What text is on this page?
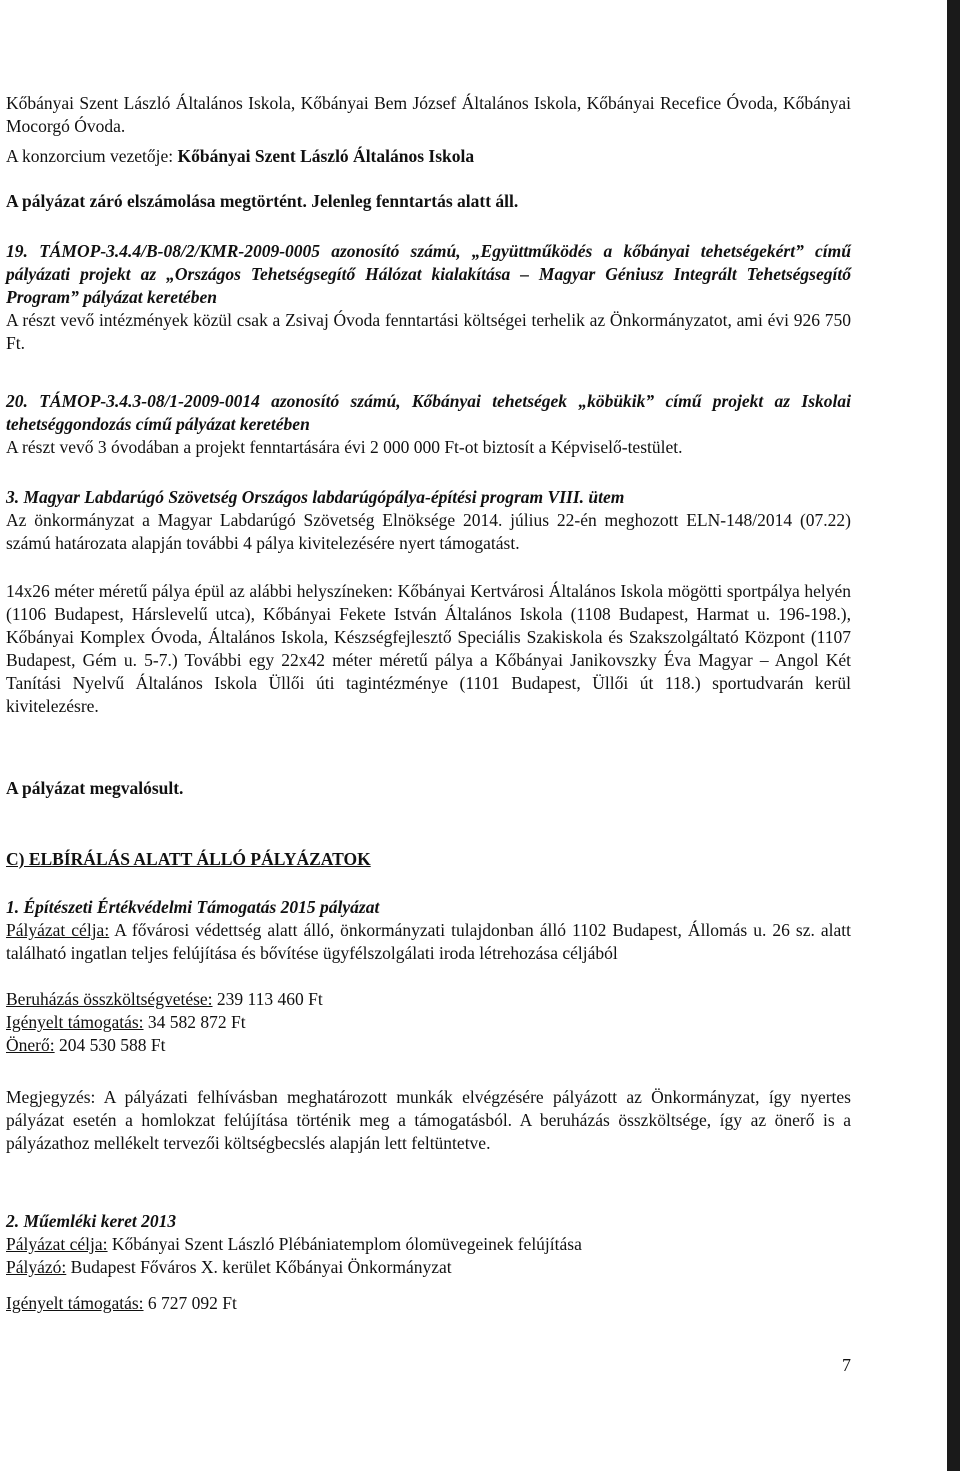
Kőbányai Szent László Általános Iskola, Kőbányai Bem József Általános Iskola, Kőbányai Recefice Óvoda, Kőbányai Mocorgó Óvoda.
A konzorcium vezetője: Kőbányai Szent László Általános Iskola
A pályázat záró elszámolása megtörtént. Jelenleg fenntartás alatt áll.
19. TÁMOP-3.4.4/B-08/2/KMR-2009-0005 azonosító számú, „Együttműködés a kőbányai tehetségekért” című pályázati projekt az „Országos Tehetségsegítő Hálózat kialakítása – Magyar Géniusz Integrált Tehetségsegítő Program” pályázat keretében
A részt vevő intézmények közül csak a Zsivaj Óvoda fenntartási költségei terhelik az Önkormányzatot, ami évi 926 750 Ft.
20. TÁMOP-3.4.3-08/1-2009-0014 azonosító számú, Kőbányai tehetségek „köbükik” című projekt az Iskolai tehetséggondozás című pályázat keretében
A részt vevő 3 óvodában a projekt fenntartására évi 2 000 000 Ft-ot biztosít a Képviselő-testület.
3. Magyar Labdarúgó Szövetség Országos labdarúgópálya-építési program VIII. ütem
Az önkormányzat a Magyar Labdarúgó Szövetség Elnöksége 2014. július 22-én meghozott ELN-148/2014 (07.22) számú határozata alapján további 4 pálya kivitelezésére nyert támogatást.
14x26 méter méretű pálya épül az alábbi helyszíneken: Kőbányai Kertvárosi Általános Iskola mögötti sportpálya helyén (1106 Budapest, Hárslevelű utca), Kőbányai Fekete István Általános Iskola (1108 Budapest, Harmat u. 196-198.), Kőbányai Komplex Óvoda, Általános Iskola, Készségfejlesztő Speciális Szakiskola és Szakszolgáltató Központ (1107 Budapest, Gém u. 5-7.) További egy 22x42 méter méretű pálya a Kőbányai Janikovszky Éva Magyar – Angol Két Tanítási Nyelvű Általános Iskola Üllői úti tagintézménye (1101 Budapest, Üllői út 118.) sportudvarán kerül kivitelezésre.
A pályázat megvalósult.
C) ELBÍRÁLÁS ALATT ÁLLÓ PÁLYÁZATOK
1. Építészeti Értékvédelmi Támogatás 2015 pályázat
Pályázat célja: A fővárosi védettség alatt álló, önkormányzati tulajdonban álló 1102 Budapest, Állomás u. 26 sz. alatt található ingatlan teljes felújítása és bővítése ügyfélszolgálati iroda létrehozása céljából
Beruházás összköltségvetése: 239 113 460 Ft
Igényelt támogatás: 34 582 872 Ft
Önerő: 204 530 588 Ft
Megjegyzés: A pályázati felhívásban meghatározott munkák elvégzésére pályázott az Önkormányzat, így nyertes pályázat esetén a homlokzat felújítása történik meg a támogatásból. A beruházás összköltsége, így az önerő is a pályázathoz mellékelt tervezői költségbecslés alapján lett feltüntetve.
2. Műemléki keret 2013
Pályázat célja: Kőbányai Szent László Plébániatemplom ólomüvegeinek felújítása
Pályázó: Budapest Főváros X. kerület Kőbányai Önkormányzat
Igényelt támogatás: 6 727 092 Ft
7
